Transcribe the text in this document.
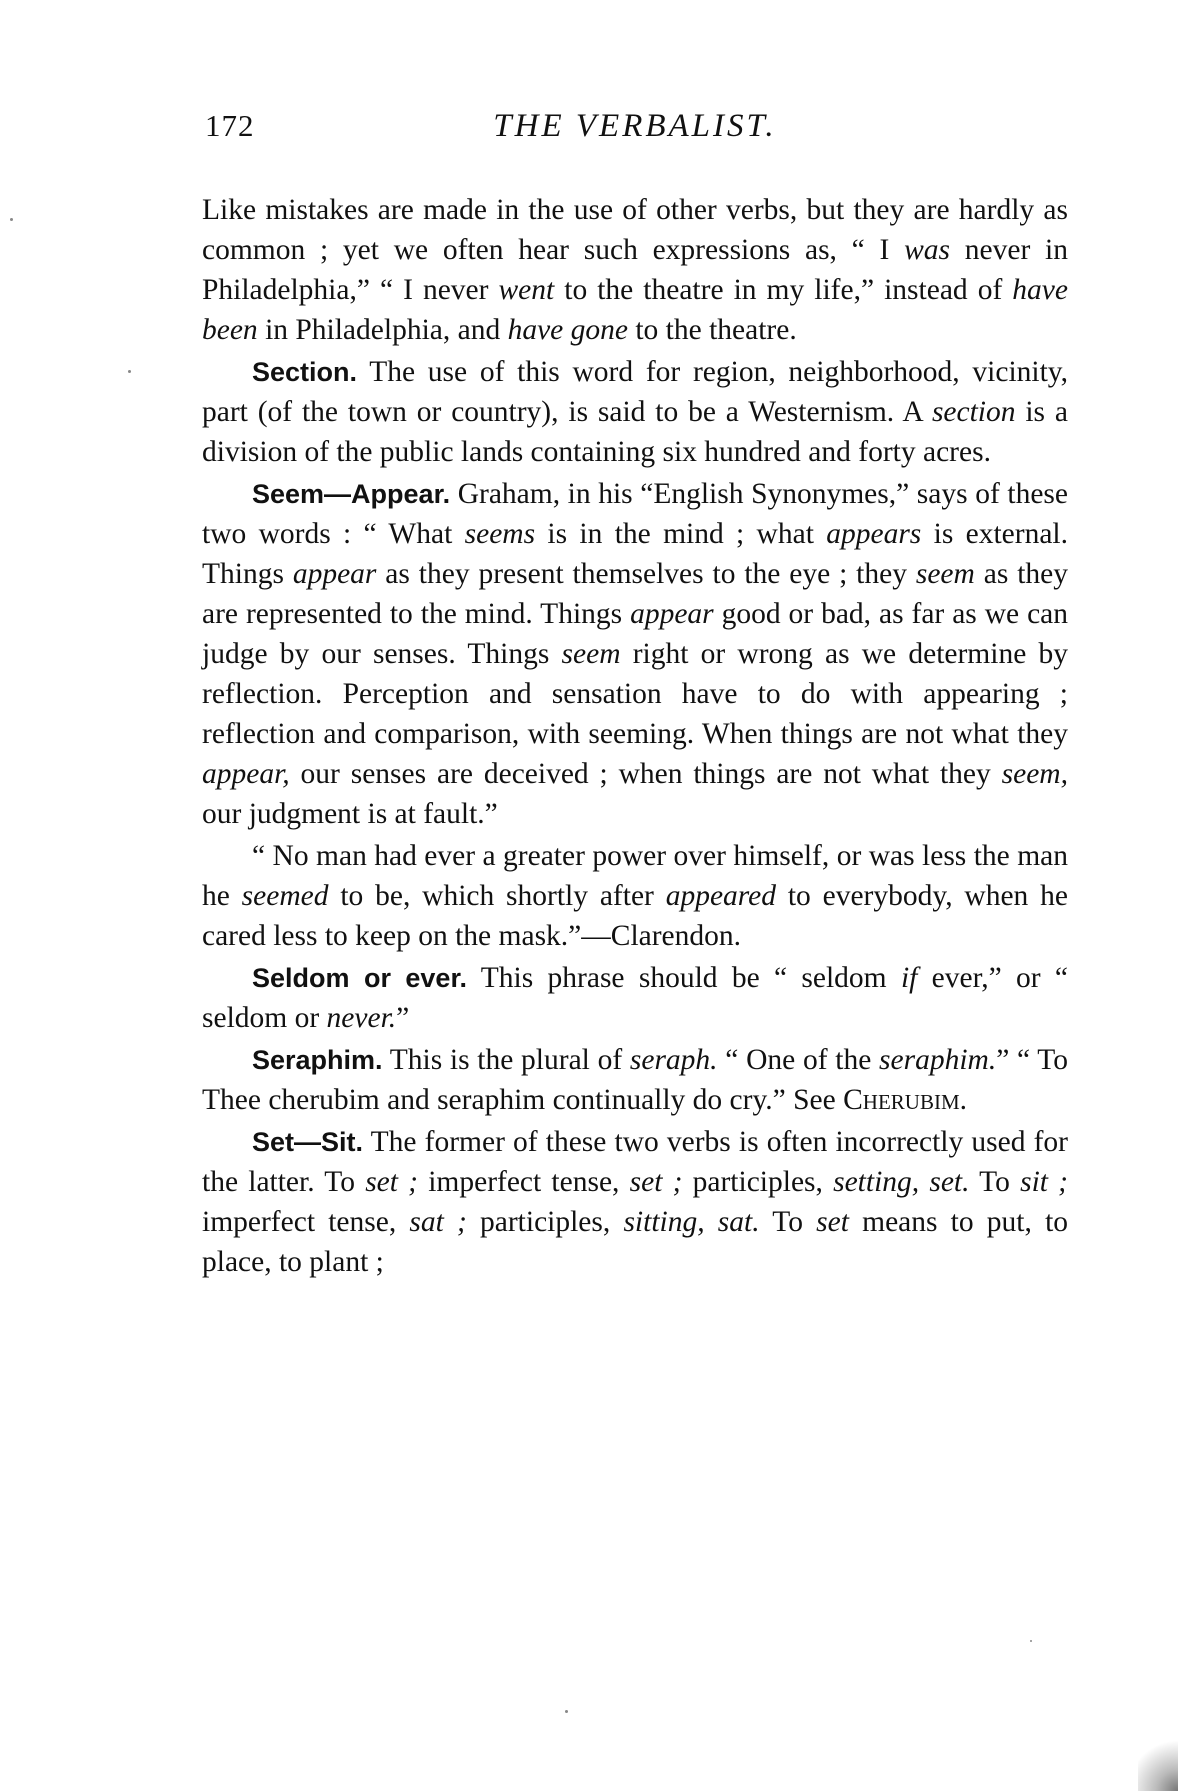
172	THE VERBALIST.

Like mistakes are made in the use of other verbs, but they are hardly as common ; yet we often hear such expressions as, “ I was never in Philadelphia,” “ I never went to the theatre in my life,” instead of have been in Philadelphia, and have gone to the theatre.

Section. The use of this word for region, neighborhood, vicinity, part (of the town or country), is said to be a Westernism. A section is a division of the public lands containing six hundred and forty acres.

Seem—Appear. Graham, in his “English Synonymes,” says of these two words : “ What seems is in the mind ; what appears is external. Things appear as they present themselves to the eye ; they seem as they are represented to the mind. Things appear good or bad, as far as we can judge by our senses. Things seem right or wrong as we determine by reflection. Perception and sensation have to do with appearing ; reflection and comparison, with seeming. When things are not what they appear, our senses are deceived ; when things are not what they seem, our judgment is at fault.”

“ No man had ever a greater power over himself, or was less the man he seemed to be, which shortly after appeared to everybody, when he cared less to keep on the mask.”—Clarendon.

Seldom or ever. This phrase should be “ seldom if ever,” or “ seldom or never.”

Seraphim. This is the plural of seraph. “ One of the seraphim.” “ To Thee cherubim and seraphim continually do cry.” See Cherubim.

Set—Sit. The former of these two verbs is often incorrectly used for the latter. To set ; imperfect tense, set ; participles, setting, set. To sit ; imperfect tense, sat ; participles, sitting, sat. To set means to put, to place, to plant ;
